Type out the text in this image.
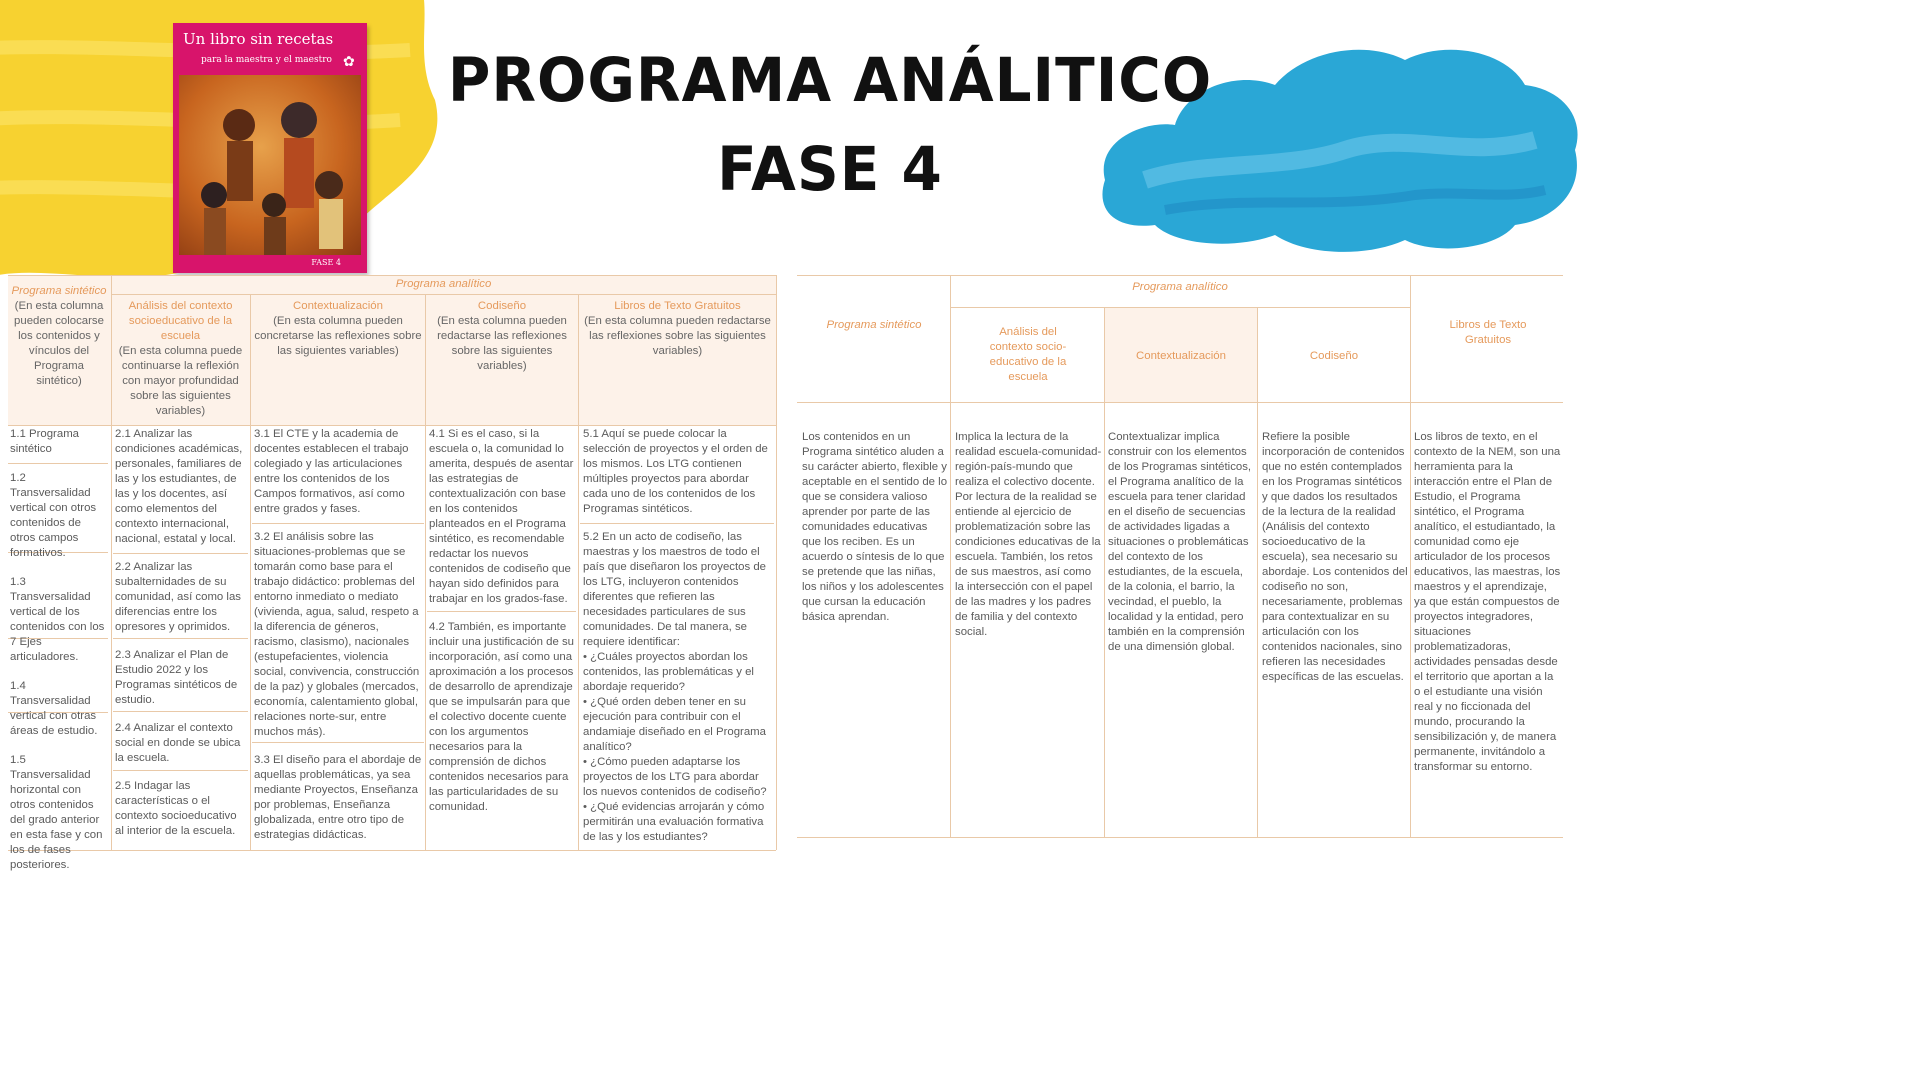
Un libro sin recetas
para la maestra y el maestro ✿
FASE 4
PROGRAMA ANÁLITICO
FASE 4
Programa analítico
Programa sintético
(En esta columna pueden colocarse los contenidos y vínculos del Programa sintético)
Análisis del contexto socioeducativo de la escuela
(En esta columna puede continuarse la reflexión con mayor profundidad sobre las siguientes variables)
Contextualización
(En esta columna pueden concretarse las reflexiones sobre las siguientes variables)
Codiseño
(En esta columna pueden redactarse las reflexiones sobre las siguientes variables)
Libros de Texto Gratuitos
(En esta columna pueden redactarse las reflexiones sobre las siguientes variables)
1.1 Programa sintético
1.2 Transversalidad vertical con otros contenidos de otros campos formativos.
1.3 Transversalidad vertical de los contenidos con los 7 Ejes articuladores.
1.4 Transversalidad vertical con otras áreas de estudio.
1.5 Transversalidad horizontal con otros contenidos del grado anterior en esta fase y con los de fases posteriores.
2.1 Analizar las condiciones académicas, personales, familiares de las y los estudiantes, de las y los docentes, así como elementos del contexto internacional, nacional, estatal y local.
2.2 Analizar las subalternidades de su comunidad, así como las diferencias entre los opresores y oprimidos.
2.3 Analizar el Plan de Estudio 2022 y los Programas sintéticos de estudio.
2.4 Analizar el contexto social en donde se ubica la escuela.
2.5 Indagar las características o el contexto socioeducativo al interior de la escuela.
3.1 El CTE y la academia de docentes establecen el trabajo colegiado y las articulaciones entre los contenidos de los Campos formativos, así como entre grados y fases.
3.2 El análisis sobre las situaciones-problemas que se tomarán como base para el trabajo didáctico: problemas del entorno inmediato o mediato (vivienda, agua, salud, respeto a la diferencia de géneros, racismo, clasismo), nacionales (estupefacientes, violencia social, convivencia, construcción de la paz) y globales (mercados, economía, calentamiento global, relaciones norte-sur, entre muchos más).
3.3 El diseño para el abordaje de aquellas problemáticas, ya sea mediante Proyectos, Enseñanza por problemas, Enseñanza globalizada, entre otro tipo de estrategias didácticas.
4.1 Si es el caso, si la escuela o, la comunidad lo amerita, después de asentar las estrategias de contextualización con base en los contenidos planteados en el Programa sintético, es recomendable redactar los nuevos contenidos de codiseño que hayan sido definidos para trabajar en los grados-fase.
4.2 También, es importante incluir una justificación de su incorporación, así como una aproximación a los procesos de desarrollo de aprendizaje que se impulsarán para que el colectivo docente cuente con los argumentos necesarios para la comprensión de dichos contenidos necesarios para las particularidades de su comunidad.
5.1 Aquí se puede colocar la selección de proyectos y el orden de los mismos. Los LTG contienen múltiples proyectos para abordar cada uno de los contenidos de los Programas sintéticos.
5.2 En un acto de codiseño, las maestras y los maestros de todo el país que diseñaron los proyectos de los LTG, incluyeron contenidos diferentes que refieren las necesidades particulares de sus comunidades. De tal manera, se requiere identificar:
• ¿Cuáles proyectos abordan los contenidos, las problemáticas y el abordaje requerido?
• ¿Qué orden deben tener en su ejecución para contribuir con el andamiaje diseñado en el Programa analítico?
• ¿Cómo pueden adaptarse los proyectos de los LTG para abordar los nuevos contenidos de codiseño?
• ¿Qué evidencias arrojarán y cómo permitirán una evaluación formativa de las y los estudiantes?
Programa analítico
Programa sintético
Análisis del contexto socio-educativo de la escuela
Contextualización	Codiseño
Libros de Texto Gratuitos
Los contenidos en un Programa sintético aluden a su carácter abierto, flexible y aceptable en el sentido de lo que se considera valioso aprender por parte de las comunidades educativas que los reciben. Es un acuerdo o síntesis de lo que se pretende que las niñas, los niños y los adolescentes que cursan la educación básica aprendan.
Implica la lectura de la realidad escuela-comunidad-región-país-mundo que realiza el colectivo docente. Por lectura de la realidad se entiende al ejercicio de problematización sobre las condiciones educativas de la escuela. También, los retos de sus maestros, así como la intersección con el papel de las madres y los padres de familia y del contexto social.
Contextualizar implica construir con los elementos de los Programas sintéticos, el Programa analítico de la escuela para tener claridad en el diseño de secuencias de actividades ligadas a situaciones o problemáticas del contexto de los estudiantes, de la escuela, de la colonia, el barrio, la vecindad, el pueblo, la localidad y la entidad, pero también en la comprensión de una dimensión global.
Refiere la posible incorporación de contenidos que no estén contemplados en los Programas sintéticos y que dados los resultados de la lectura de la realidad (Análisis del contexto socioeducativo de la escuela), sea necesario su abordaje. Los contenidos del codiseño no son, necesariamente, problemas para contextualizar en su articulación con los contenidos nacionales, sino refieren las necesidades específicas de las escuelas.
Los libros de texto, en el contexto de la NEM, son una herramienta para la interacción entre el Plan de Estudio, el Programa sintético, el Programa analítico, el estudiantado, la comunidad como eje articulador de los procesos educativos, las maestras, los maestros y el aprendizaje, ya que están compuestos de proyectos integradores, situaciones problematizadoras, actividades pensadas desde el territorio que aportan a la o el estudiante una visión real y no ficcionada del mundo, procurando la sensibilización y, de manera permanente, invitándolo a transformar su entorno.
